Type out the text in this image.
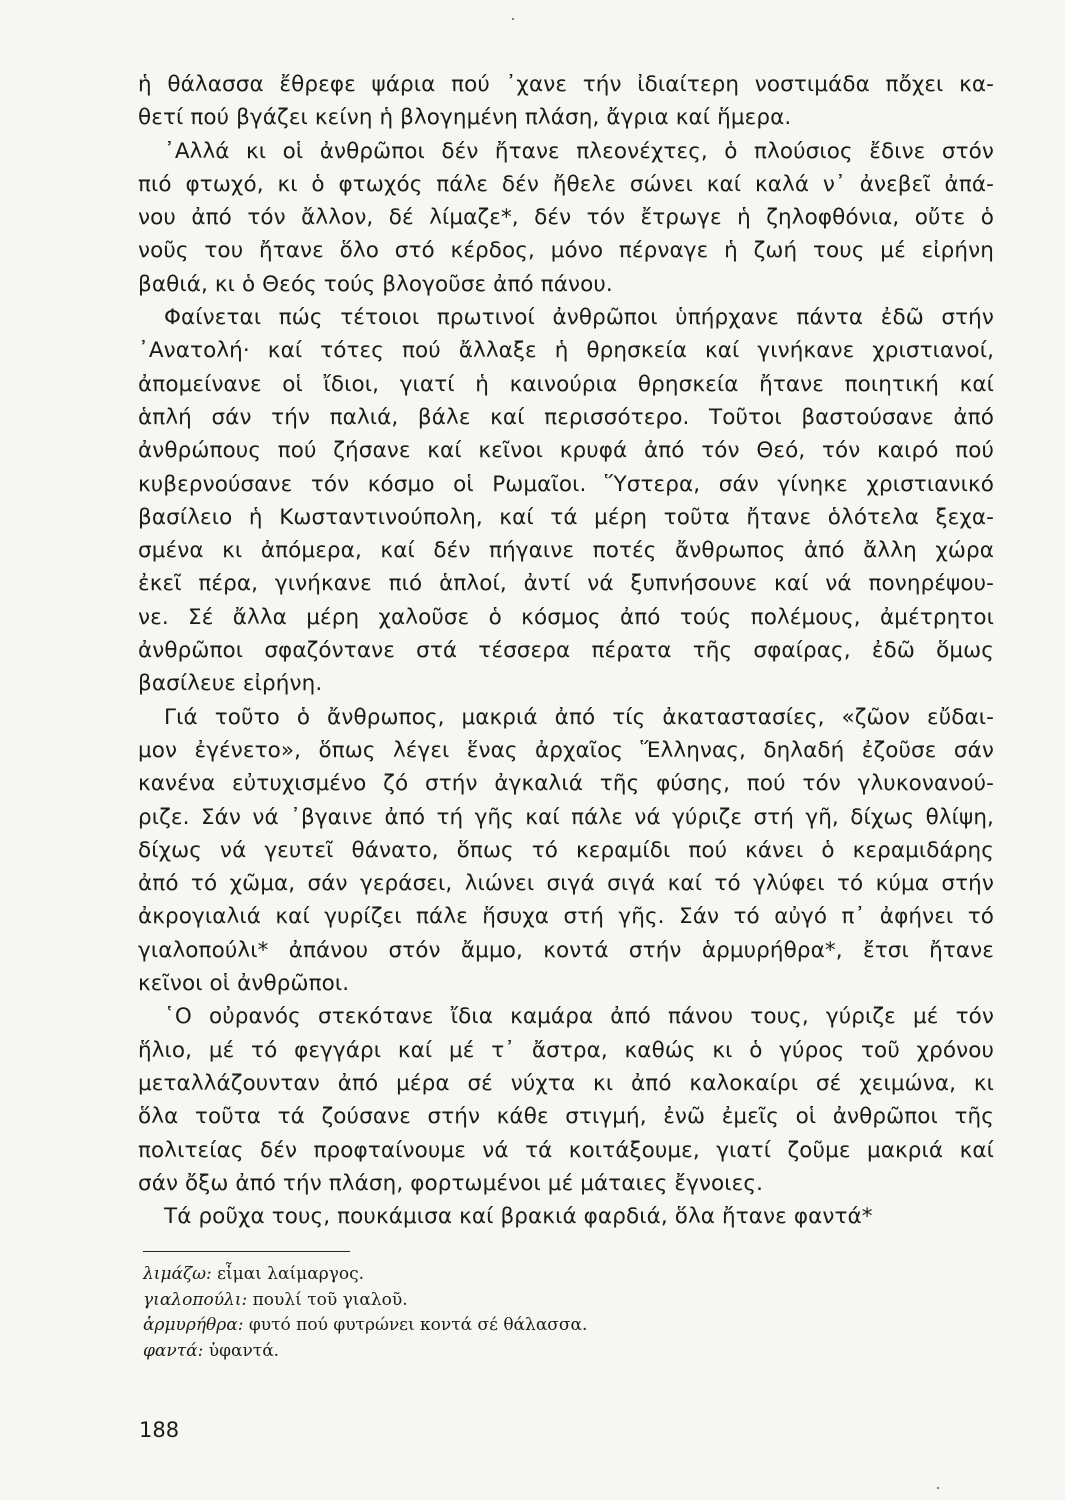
ἡ θάλασσα ἔθρεφε ψάρια πού ᾿χανε τήν ἰδιαίτερη νοστιμάδα πὄχει κα-
θετί πού βγάζει κείνη ἡ βλογημένη πλάση, ἄγρια καί ἥμερα.
᾿Αλλά κι οἱ ἀνθρῶποι δέν ἤτανε πλεονέχτες, ὁ πλούσιος ἔδινε στόν
πιό φτωχό, κι ὁ φτωχός πάλε δέν ἤθελε σώνει καί καλά ν᾿ ἀνεβεῖ ἀπά-
νου ἀπό τόν ἄλλον, δέ λίμαζε*, δέν τόν ἔτρωγε ἡ ζηλοφθόνια, οὔτε ὁ
νοῦς του ἤτανε ὅλο στό κέρδος, μόνο πέρναγε ἡ ζωή τους μέ εἰρήνη
βαθιά, κι ὁ Θεός τούς βλογοῦσε ἀπό πάνου.
Φαίνεται πώς τέτοιοι πρωτινοί ἀνθρῶποι ὑπήρχανε πάντα ἐδῶ στήν
᾿Ανατολή· καί τότες πού ἄλλαξε ἡ θρησκεία καί γινήκανε χριστιανοί,
ἀπομείνανε οἱ ἴδιοι, γιατί ἡ καινούρια θρησκεία ἤτανε ποιητική καί
ἁπλή σάν τήν παλιά, βάλε καί περισσότερο. Τοῦτοι βαστούσανε ἀπό
ἀνθρώπους πού ζήσανε καί κεῖνοι κρυφά ἀπό τόν Θεό, τόν καιρό πού
κυβερνούσανε τόν κόσμο οἱ Ρωμαῖοι. Ὕστερα, σάν γίνηκε χριστιανικό
βασίλειο ἡ Κωσταντινούπολη, καί τά μέρη τοῦτα ἤτανε ὁλότελα ξεχα-
σμένα κι ἀπόμερα, καί δέν πήγαινε ποτές ἄνθρωπος ἀπό ἄλλη χώρα
ἐκεῖ πέρα, γινήκανε πιό ἁπλοί, ἀντί νά ξυπνήσουνε καί νά πονηρέψου-
νε. Σέ ἄλλα μέρη χαλοῦσε ὁ κόσμος ἀπό τούς πολέμους, ἀμέτρητοι
ἀνθρῶποι σφαζόντανε στά τέσσερα πέρατα τῆς σφαίρας, ἐδῶ ὅμως
βασίλευε εἰρήνη.
Γιά τοῦτο ὁ ἄνθρωπος, μακριά ἀπό τίς ἀκαταστασίες, «ζῶον εὔδαι-
μον ἐγένετο», ὅπως λέγει ἕνας ἀρχαῖος Ἕλληνας, δηλαδή ἐζοῦσε σάν
κανένα εὐτυχισμένο ζό στήν ἀγκαλιά τῆς φύσης, πού τόν γλυκονανού-
ριζε. Σάν νά ᾿βγαινε ἀπό τή γῆς καί πάλε νά γύριζε στή γῆ, δίχως θλίψη,
δίχως νά γευτεῖ θάνατο, ὅπως τό κεραμίδι πού κάνει ὁ κεραμιδάρης
ἀπό τό χῶμα, σάν γεράσει, λιώνει σιγά σιγά καί τό γλύφει τό κύμα στήν
ἀκρογιαλιά καί γυρίζει πάλε ἥσυχα στή γῆς. Σάν τό αὐγό π᾿ ἀφήνει τό
γιαλοπούλι* ἀπάνου στόν ἄμμο, κοντά στήν ἁρμυρήθρα*, ἔτσι ἤτανε
κεῖνοι οἱ ἀνθρῶποι.
῾Ο οὐρανός στεκότανε ἴδια καμάρα ἀπό πάνου τους, γύριζε μέ τόν
ἥλιο, μέ τό φεγγάρι καί μέ τ᾿ ἄστρα, καθώς κι ὁ γύρος τοῦ χρόνου
μεταλλάζουνταν ἀπό μέρα σέ νύχτα κι ἀπό καλοκαίρι σέ χειμώνα, κι
ὅλα τοῦτα τά ζούσανε στήν κάθε στιγμή, ἐνῶ ἐμεῖς οἱ ἀνθρῶποι τῆς
πολιτείας δέν προφταίνουμε νά τά κοιτάξουμε, γιατί ζοῦμε μακριά καί
σάν ὄξω ἀπό τήν πλάση, φορτωμένοι μέ μάταιες ἔγνοιες.
Τά ροῦχα τους, πουκάμισα καί βρακιά φαρδιά, ὅλα ἤτανε φαντά*
λιμάζω: εἶμαι λαίμαργος.
γιαλοπούλι: πουλί τοῦ γιαλοῦ.
ἁρμυρήθρα: φυτό πού φυτρώνει κοντά σέ θάλασσα.
φαντά: ὑφαντά.
188
